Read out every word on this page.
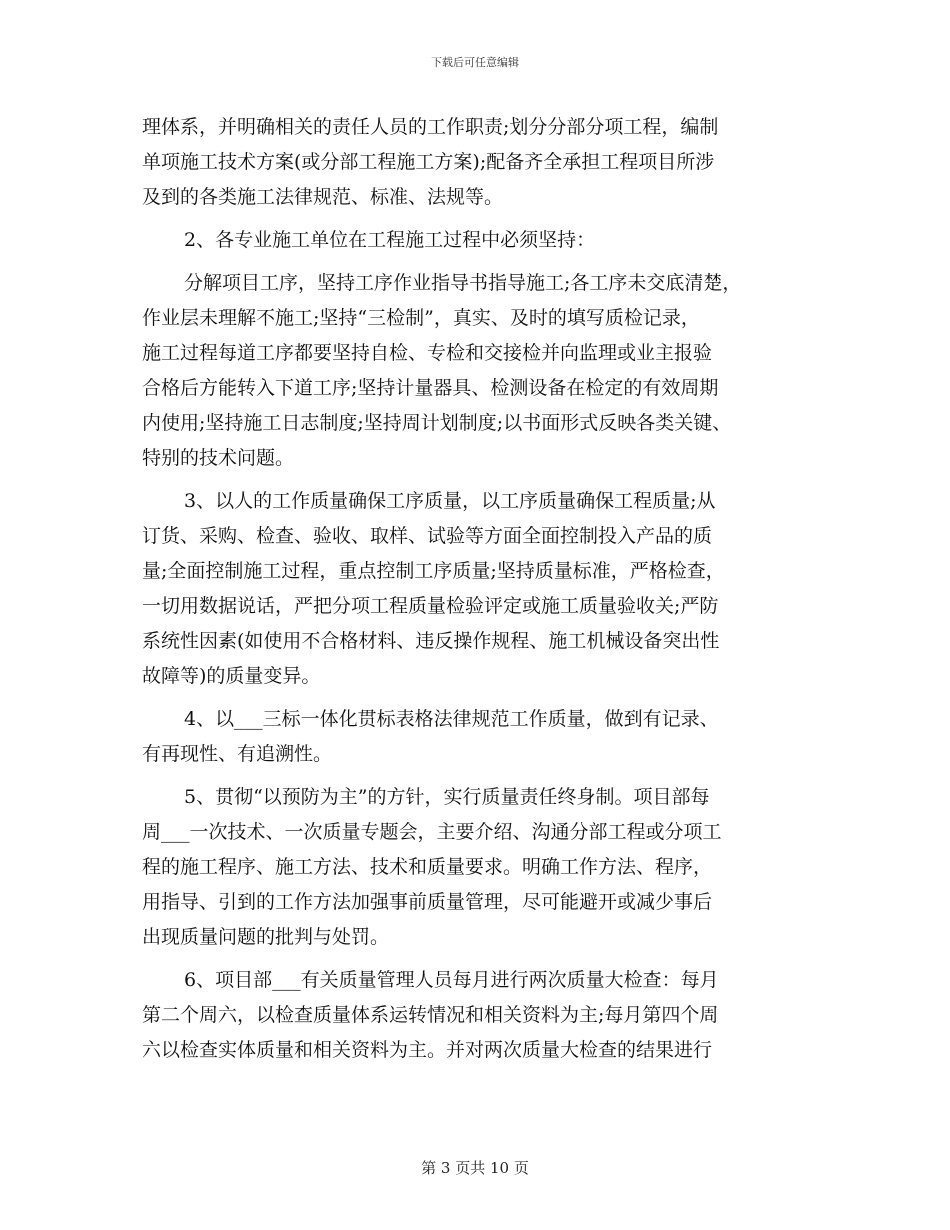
下载后可任意编辑
理体系，并明确相关的责任人员的工作职责;划分分部分项工程，编制
单项施工技术方案(或分部工程施工方案);配备齐全承担工程项目所涉
及到的各类施工法律规范、标准、法规等。
2、各专业施工单位在工程施工过程中必须坚持：
分解项目工序，坚持工序作业指导书指导施工;各工序未交底清楚，
作业层未理解不施工;坚持“三检制”，真实、及时的填写质检记录，
施工过程每道工序都要坚持自检、专检和交接检并向监理或业主报验
合格后方能转入下道工序;坚持计量器具、检测设备在检定的有效周期
内使用;坚持施工日志制度;坚持周计划制度;以书面形式反映各类关键、
特别的技术问题。
3、以人的工作质量确保工序质量，以工序质量确保工程质量;从
订货、采购、检查、验收、取样、试验等方面全面控制投入产品的质
量;全面控制施工过程，重点控制工序质量;坚持质量标准，严格检查，
一切用数据说话，严把分项工程质量检验评定或施工质量验收关;严防
系统性因素(如使用不合格材料、违反操作规程、施工机械设备突出性
故障等)的质量变异。
4、以___三标一体化贯标表格法律规范工作质量，做到有记录、
有再现性、有追溯性。
5、贯彻“以预防为主”的方针，实行质量责任终身制。项目部每
周___一次技术、一次质量专题会，主要介绍、沟通分部工程或分项工
程的施工程序、施工方法、技术和质量要求。明确工作方法、程序，
用指导、引到的工作方法加强事前质量管理，尽可能避开或减少事后
出现质量问题的批判与处罚。
6、项目部___有关质量管理人员每月进行两次质量大检查：每月
第二个周六，以检查质量体系运转情况和相关资料为主;每月第四个周
六以检查实体质量和相关资料为主。并对两次质量大检查的结果进行
第 3 页共 10 页
